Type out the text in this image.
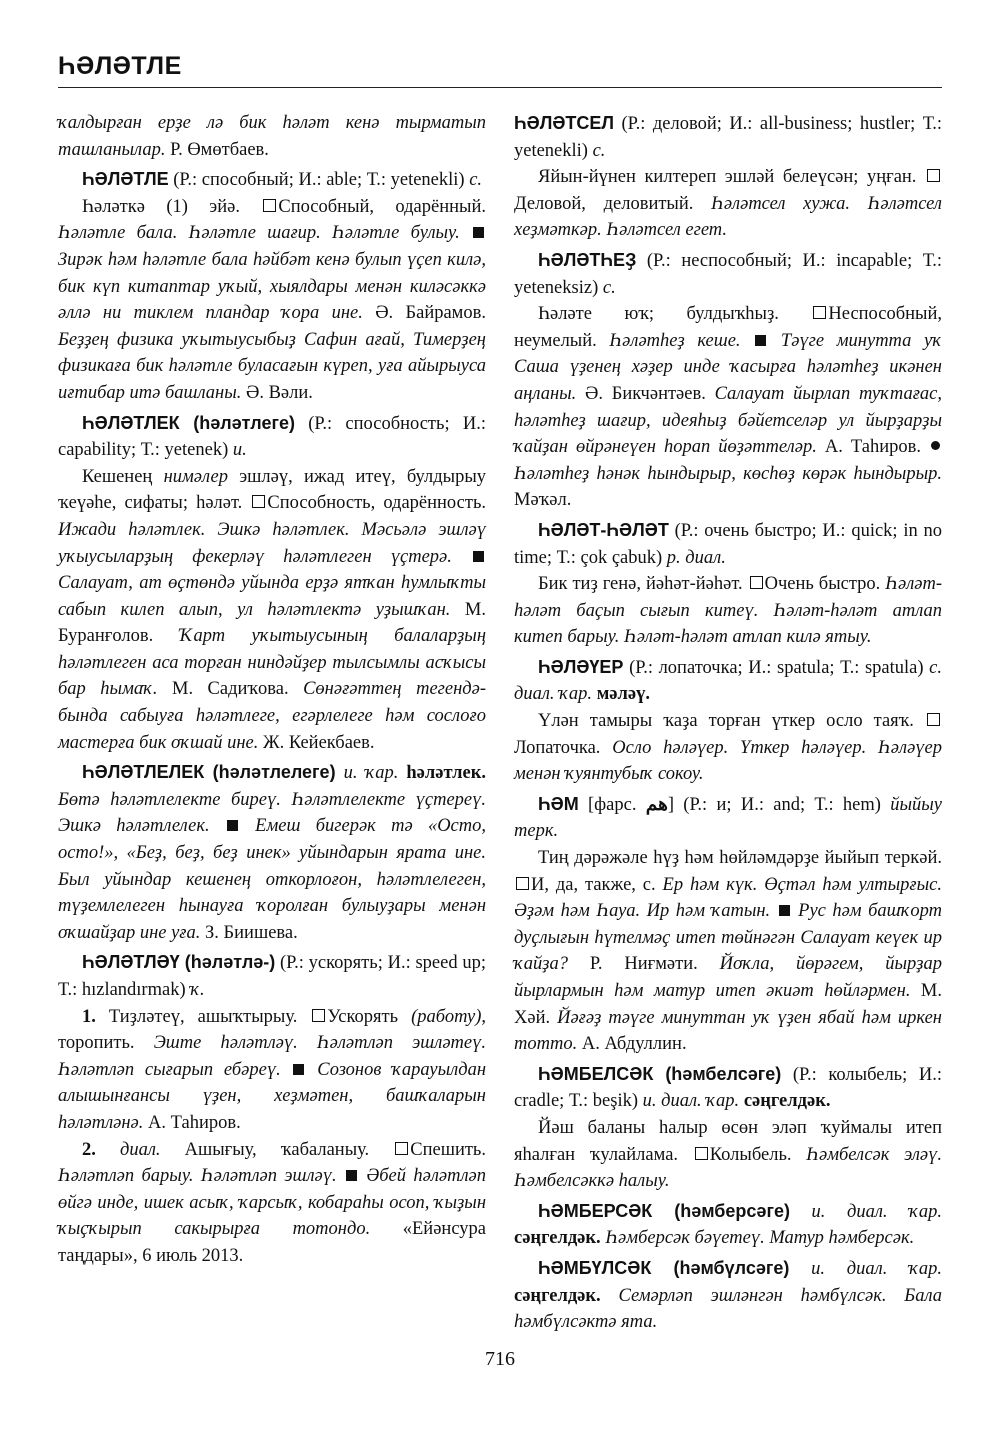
ҺӘЛӘТЛЕ

ҡалдырған ерҙе лә бик һәләт кенә тырматып ташланылар. Р. Өмөтбаев.

ҺӘЛӘТЛЕ (Р.: способный; И.: able; Т.: yetenekli) с.

Һәләткә (1) эйә. Способный, одарённый. Һәләтле бала. Һәләтле шағир. Һәләтле булыу.  Зирәк һәм һәләтле бала һәйбәт кенә булып үҫеп килә, бик күп китаптар уҡый, хыялдары менән киләсәккә әллә ни тиклем пландар ҡора ине. Ә. Байрамов. Беҙҙең физика уҡытыусыбыҙ Сафин ағай, Тимерҙең физикаға бик һәләтле буласағын күреп, уға айырыуса иғтибар итә башланы. Ә. Вәли.

ҺӘЛӘТЛЕК (һәләтлеге) (Р.: способность; И.: capability; Т.: yetenek) и.

Кешенең нимәлер эшләү, ижад итеү, булдырыу ҡеүәһе, сифаты; һәләт. Способность, одарённость. Ижади һәләтлек. Эшкә һәләтлек. Мәсьәлә эшләү уҡыусыларҙың фекерләү һәләтлеген үҫтерә.  Салауат, ат өҫтөндә уйында ерҙә ятҡан һумлыҡты сабып килеп алып, ул һәләтлектә уҙышҡан. М. Буранғолов. Ҡарт уҡытыусының балаларҙың һәләтлеген аса торған ниндәйҙер тылсымлы асҡысы бар һымаҡ. М. Садиҡова. Сөнәғәттең тегендә-бында сабыуға һәләтлеге, егәрлелеге һәм сослоғо мастерға бик оҡшай ине. Ж. Кейекбаев.

ҺӘЛӘТЛЕЛЕК (һәләтлелеге) и. ҡар. һәләтлек. Бөтә һәләтлелекте биреү. Һәләтлелекте үҫтереү. Эшкә һәләтлелек.  Емеш бигерәк тә «Осто, осто!», «Беҙ, беҙ, беҙ инек» уйындарын ярата ине. Был уйындар кешенең откорлоғон, һәләтлелеген, түҙемлелеген һынауға ҡоролған булыуҙары менән оҡшайҙар ине уға. З. Биишева.

ҺӘЛӘТЛӘҮ (һәләтлә-) (Р.: ускорять; И.: speed up; Т.: hızlandırmak) ҡ.

1. Тиҙләтеү, ашыҡтырыу. Ускорять (работу), торопить. Эште һәләтләү. Һәләтләп эшләтеү. Һәләтләп сығарып ебәреү.  Созонов ҡарауылдан алышынғансы үҙен, хеҙмәтен, башҡаларын һәләтләнә. А. Таһиров.

2. диал. Ашығыу, ҡабаланыу. Спешить. Һәләтләп барыу. Һәләтләп эшләү.  Әбей һәләтләп өйгә инде, ишек асыҡ, ҡарсыҡ, кобараһы осоп, ҡыҙын ҡыҫҡырып сакырырға тотондо. «Ейәнсура таңдары», 6 июль 2013.

ҺӘЛӘТСЕЛ (Р.: деловой; И.: all-business; hustler; Т.: yetenekli) с.

Яйын-йүнен килтереп эшләй белеүсән; уңған. Деловой, деловитый. Һәләтсел хужа. Һәләтсел хеҙмәткәр. Һәләтсел егет.

ҺӘЛӘТҺЕҘ (Р.: неспособный; И.: incapable; Т.: yeteneksiz) с.

Һәләте юҡ; булдыҡһыҙ. Неспособный, неумелый. Һәләтһеҙ кеше.  Тәүге минутта уҡ Саша үҙенең хәҙер инде ҡасырға һәләтһеҙ икәнен аңланы. Ә. Бикчәнтәев. Салауат йырлап туҡтағас, һәләтһеҙ шағир, идеяһыҙ бәйетселәр ул йырҙарҙы ҡайҙан өйрәнеүен һорап йөҙәттеләр. А. Таһиров.  Һәләтһеҙ һәнәк һындырыр, көсһөҙ көрәк һындырыр. Мәҡәл.

ҺӘЛӘТ-ҺӘЛӘТ (Р.: очень быстро; И.: quick; in no time; Т.: çok çabuk) р. диал.

Бик тиҙ генә, йәһәт-йәһәт. Очень быстро. Һәләт-һәләт баҫып сығып китеү. Һәләт-һәләт атлап китеп барыу. Һәләт-һәләт атлап килә ятыу.

ҺӘЛӘҮЕР (Р.: лопаточка; И.: spatula; Т.: spatula) с. диал. ҡар. мәләү.

Үлән тамыры ҡаҙа торған үткер осло таяҡ. Лопаточка. Осло һәләүер. Үткер һәләүер. Һәләүер менән ҡуянтубыҡ сокоу.

ҺӘМ [фарс. هم] (Р.: и; И.: and; Т.: hem) йыйыу терк.

Тиң дәрәжәле һүҙ һәм һөйләмдәрҙе йыйып теркәй. И, да, также, с. Ер һәм күк. Өҫтәл һәм ултырғыс. Әҙәм һәм Һауа. Ир һәм ҡатын.  Рус һәм башҡорт дуҫлығын һүтелмәҫ итеп төйнәгән Салауат кеүек ир ҡайҙа? Р. Ниғмәти. Йоҡла, йөрәгем, йырҙар йырлармын һәм матур итеп әкиәт һөйләрмен. М. Хәй. Йәғәҙ тәүге минуттан уҡ үҙен ябай һәм иркен тотто. А. Абдуллин.

ҺӘМБЕЛСӘК (һәмбелсәге) (Р.: колыбель; И.: cradle; Т.: beşik) и. диал. ҡар. сәңгелдәк.

Йәш баланы һалыр өсөн эләп ҡуймалы итеп яһалған ҡулайлама. Колыбель. Һәмбелсәк эләү. Һәмбелсәккә һалыу.

ҺӘМБЕРСӘК (һәмберсәге) и. диал. ҡар. сәңгелдәк. Һәмберсәк бәүетеү. Матур һәмберсәк.

ҺӘМБҮЛСӘК (һәмбүлсәге) и. диал. ҡар. сәңгелдәк. Семәрләп эшләнгән һәмбүлсәк. Бала һәмбүлсәктә ята.

716
